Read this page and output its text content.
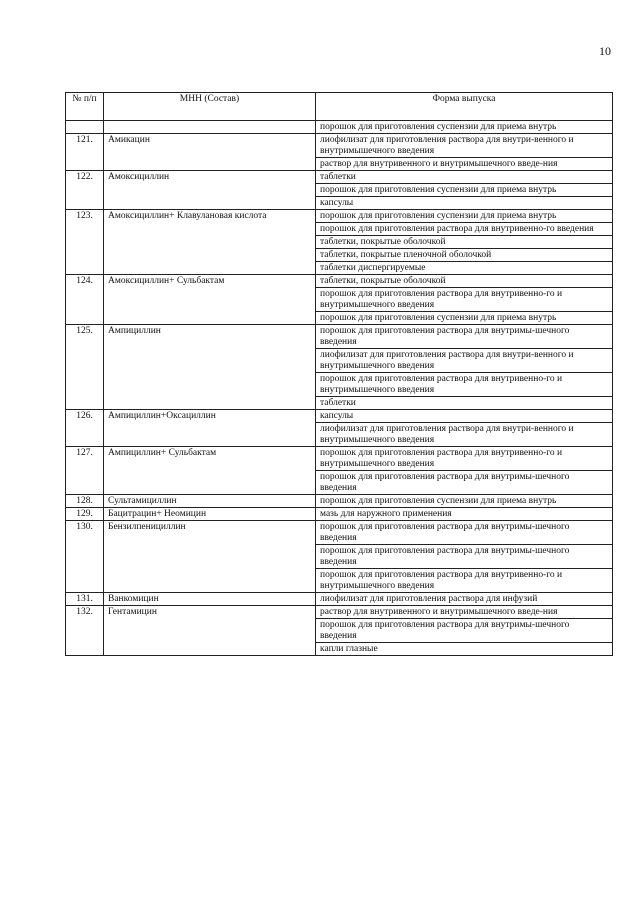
10
№ п/п	МНН (Состав)	Форма выпуска
		порошок для приготовления суспензии для приема внутрь
121.	Амикацин	лиофилизат для приготовления раствора для внутри-венного и внутримышечного введения
		раствор для внутривенного и внутримышечного введе-ния
122.	Амоксициллин	таблетки
		порошок для приготовления суспензии для приема внутрь
		капсулы
123.	Амоксициллин+ Клавулановая кислота	порошок для приготовления суспензии для приема внутрь
		порошок для приготовления раствора для внутривенно-го введения
		таблетки, покрытые оболочкой
		таблетки, покрытые пленочной оболочкой
		таблетки диспергируемые
124.	Амоксициллин+ Сульбактам	таблетки, покрытые оболочкой
		порошок для приготовления раствора для внутривенно-го и внутримышечного введения
		порошок для приготовления суспензии для приема внутрь
125.	Ампициллин	порошок для приготовления раствора для внутримы-шечного введения
		лиофилизат для приготовления раствора для внутри-венного и внутримышечного введения
		порошок для приготовления раствора для внутривенно-го и внутримышечного введения
		таблетки
126.	Ампициллин+Оксациллин	капсулы
		лиофилизат для приготовления раствора для внутри-венного и внутримышечного введения
127.	Ампициллин+ Сульбактам	порошок для приготовления раствора для внутривенно-го и внутримышечного введения
		порошок для приготовления раствора для внутримы-шечного введения
128.	Сультамициллин	порошок для приготовления суспензии для приема внутрь
129.	Бацитрацин+ Неомицин	мазь для наружного применения
130.	Бензилпенициллин	порошок для приготовления раствора для внутримы-шечного введения
		порошок для приготовления раствора для внутримы-шечного введения
		порошок для приготовления раствора для внутривенно-го и внутримышечного введения
131.	Ванкомицин	лиофилизат для приготовления раствора для инфузий
132.	Гентамицин	раствор для внутривенного и внутримышечного введе-ния
		порошок для приготовления раствора для внутримы-шечного введения
		капли глазные
